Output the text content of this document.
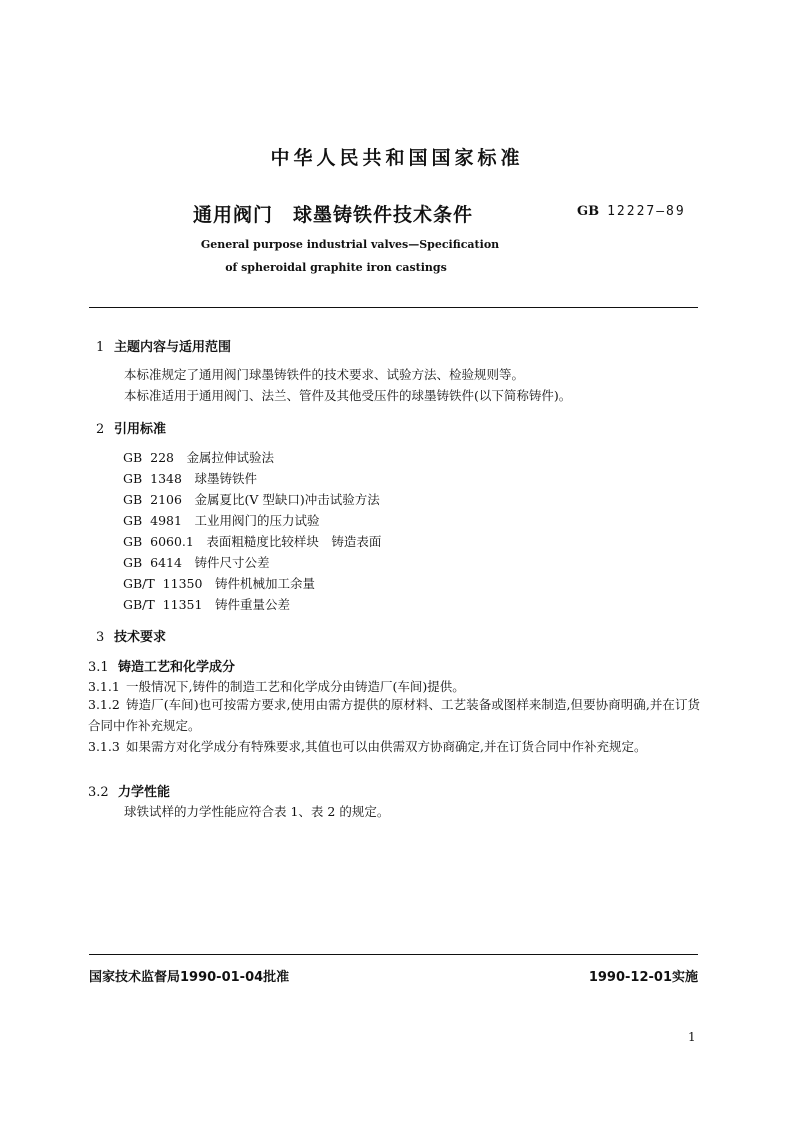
中华人民共和国国家标准
通用阀门　球墨铸铁件技术条件	GB 12227—89
General purpose industrial valves—Specification
of spheroidal graphite iron castings
1 主题内容与适用范围
本标准规定了通用阀门球墨铸铁件的技术要求、试验方法、检验规则等。
本标准适用于通用阀门、法兰、管件及其他受压件的球墨铸铁件(以下简称铸件)。
2 引用标准
GB  228　 金属拉伸试验法
GB  1348　 球墨铸铁件
GB  2106　 金属夏比(V 型缺口)冲击试验方法
GB  4981　 工业用阀门的压力试验
GB  6060.1　 表面粗糙度比较样块　铸造表面
GB  6414　 铸件尺寸公差
GB/T  11350　 铸件机械加工余量
GB/T  11351　 铸件重量公差
3 技术要求
3.1 铸造工艺和化学成分
3.1.1 一般情况下,铸件的制造工艺和化学成分由铸造厂(车间)提供。
3.1.2 铸造厂(车间)也可按需方要求,使用由需方提供的原材料、工艺装备或图样来制造,但要协商明确,并在订货合同中作补充规定。
3.1.3 如果需方对化学成分有特殊要求,其值也可以由供需双方协商确定,并在订货合同中作补充规定。
3.2 力学性能
球铁试样的力学性能应符合表 1、表 2 的规定。
国家技术监督局1990-01-04批准	1990-12-01实施
1
